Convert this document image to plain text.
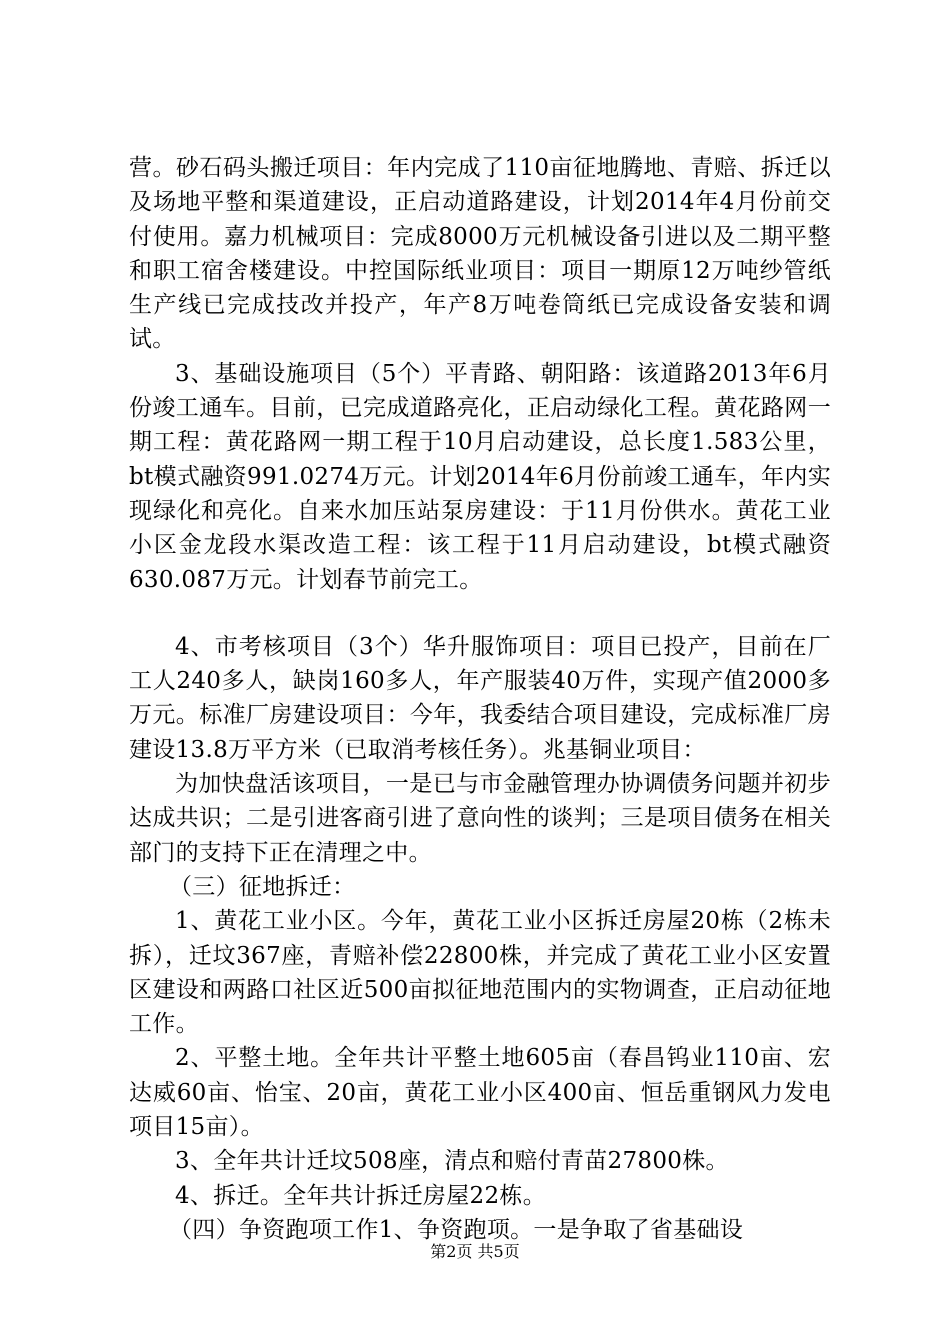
营。砂石码头搬迁项目：年内完成了110亩征地腾地、青赔、拆迁以及场地平整和渠道建设，正启动道路建设，计划2014年4月份前交付使用。嘉力机械项目：完成8000万元机械设备引进以及二期平整和职工宿舍楼建设。中控国际纸业项目：项目一期原12万吨纱管纸生产线已完成技改并投产，年产8万吨卷筒纸已完成设备安装和调试。

3、基础设施项目（5个）平青路、朝阳路：该道路2013年6月份竣工通车。目前，已完成道路亮化，正启动绿化工程。黄花路网一期工程：黄花路网一期工程于10月启动建设，总长度1.583公里，bt模式融资991.0274万元。计划2014年6月份前竣工通车，年内实现绿化和亮化。自来水加压站泵房建设：于11月份供水。黄花工业小区金龙段水渠改造工程：该工程于11月启动建设，bt模式融资630.087万元。计划春节前完工。

4、市考核项目（3个）华升服饰项目：项目已投产，目前在厂工人240多人，缺岗160多人，年产服装40万件，实现产值2000多万元。标准厂房建设项目：今年，我委结合项目建设，完成标准厂房建设13.8万平方米（已取消考核任务）。兆基铜业项目：

为加快盘活该项目，一是已与市金融管理办协调债务问题并初步达成共识；二是引进客商引进了意向性的谈判；三是项目债务在相关部门的支持下正在清理之中。

（三）征地拆迁：

1、黄花工业小区。今年，黄花工业小区拆迁房屋20栋（2栋未拆），迁坟367座，青赔补偿22800株，并完成了黄花工业小区安置区建设和两路口社区近500亩拟征地范围内的实物调查，正启动征地工作。

2、平整土地。全年共计平整土地605亩（春昌钨业110亩、宏达威60亩、怡宝、20亩，黄花工业小区400亩、恒岳重钢风力发电项目15亩）。

3、全年共计迁坟508座，清点和赔付青苗27800株。

4、拆迁。全年共计拆迁房屋22栋。

（四）争资跑项工作1、争资跑项。一是争取了省基础设

第2页 共5页
